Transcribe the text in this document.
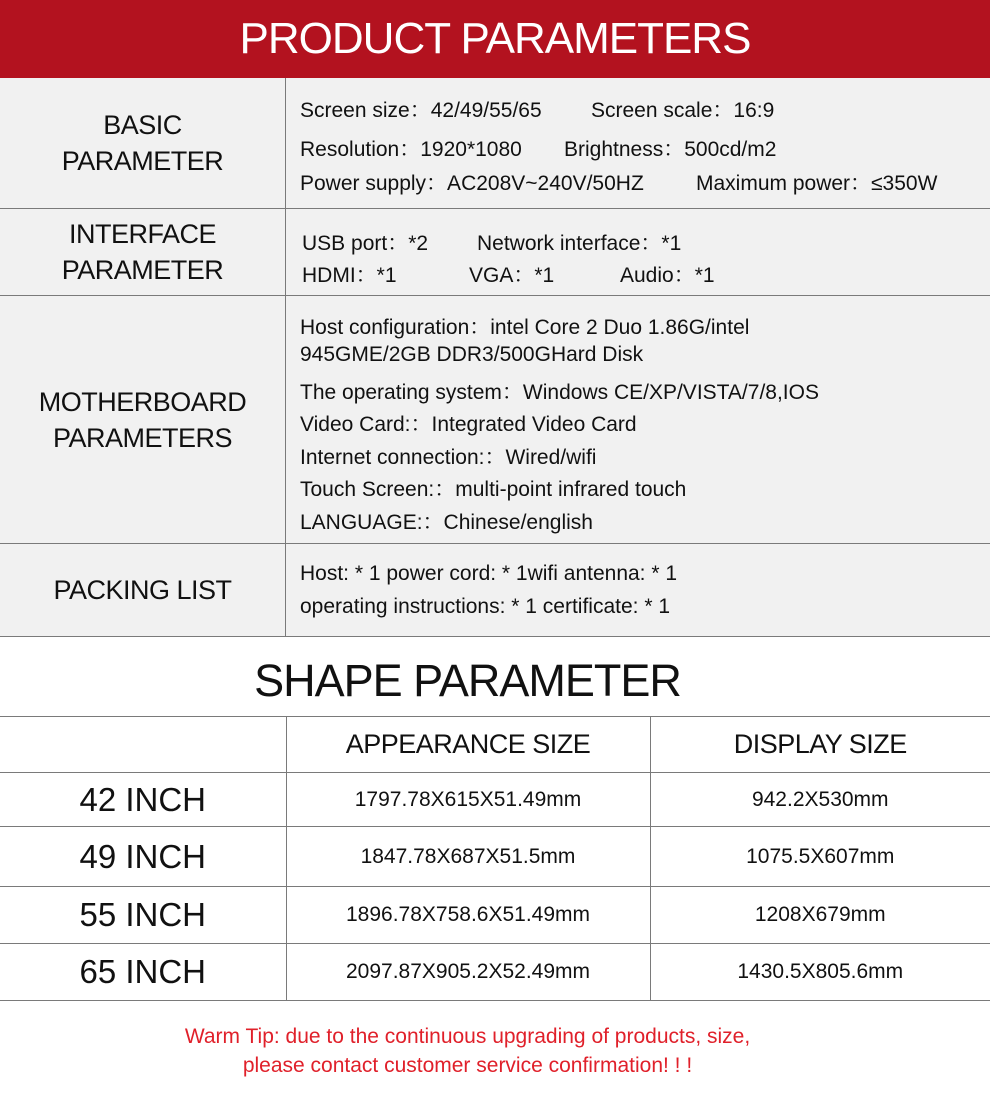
PRODUCT PARAMETERS
BASIC
PARAMETER
Screen size：42/49/55/65 Screen scale：16:9
Resolution：1920*1080 Brightness：500cd/m2
Power supply：AC208V~240V/50HZ Maximum power：≤350W
INTERFACE
PARAMETER
USB port：*2 Network interface：*1
HDMI：*1	VGA：*1	Audio：*1
MOTHERBOARD
PARAMETERS
Host configuration：intel Core 2 Duo 1.86G/intel
945GME/2GB DDR3/500GHard Disk
The operating system：Windows CE/XP/VISTA/7/8,IOS
Video Card:：Integrated Video Card
Internet connection:：Wired/wifi
Touch Screen:：multi-point infrared touch
LANGUAGE:：Chinese/english
PACKING LIST
Host: * 1 power cord: * 1wifi antenna: * 1
operating instructions: * 1 certificate: * 1
SHAPE PARAMETER
	APPEARANCE SIZE	DISPLAY SIZE
42 INCH	1797.78X615X51.49mm	942.2X530mm
49 INCH	1847.78X687X51.5mm	1075.5X607mm
55 INCH	1896.78X758.6X51.49mm	1208X679mm
65 INCH	2097.87X905.2X52.49mm	1430.5X805.6mm
Warm Tip: due to the continuous upgrading of products, size,
please contact customer service confirmation! ! !
